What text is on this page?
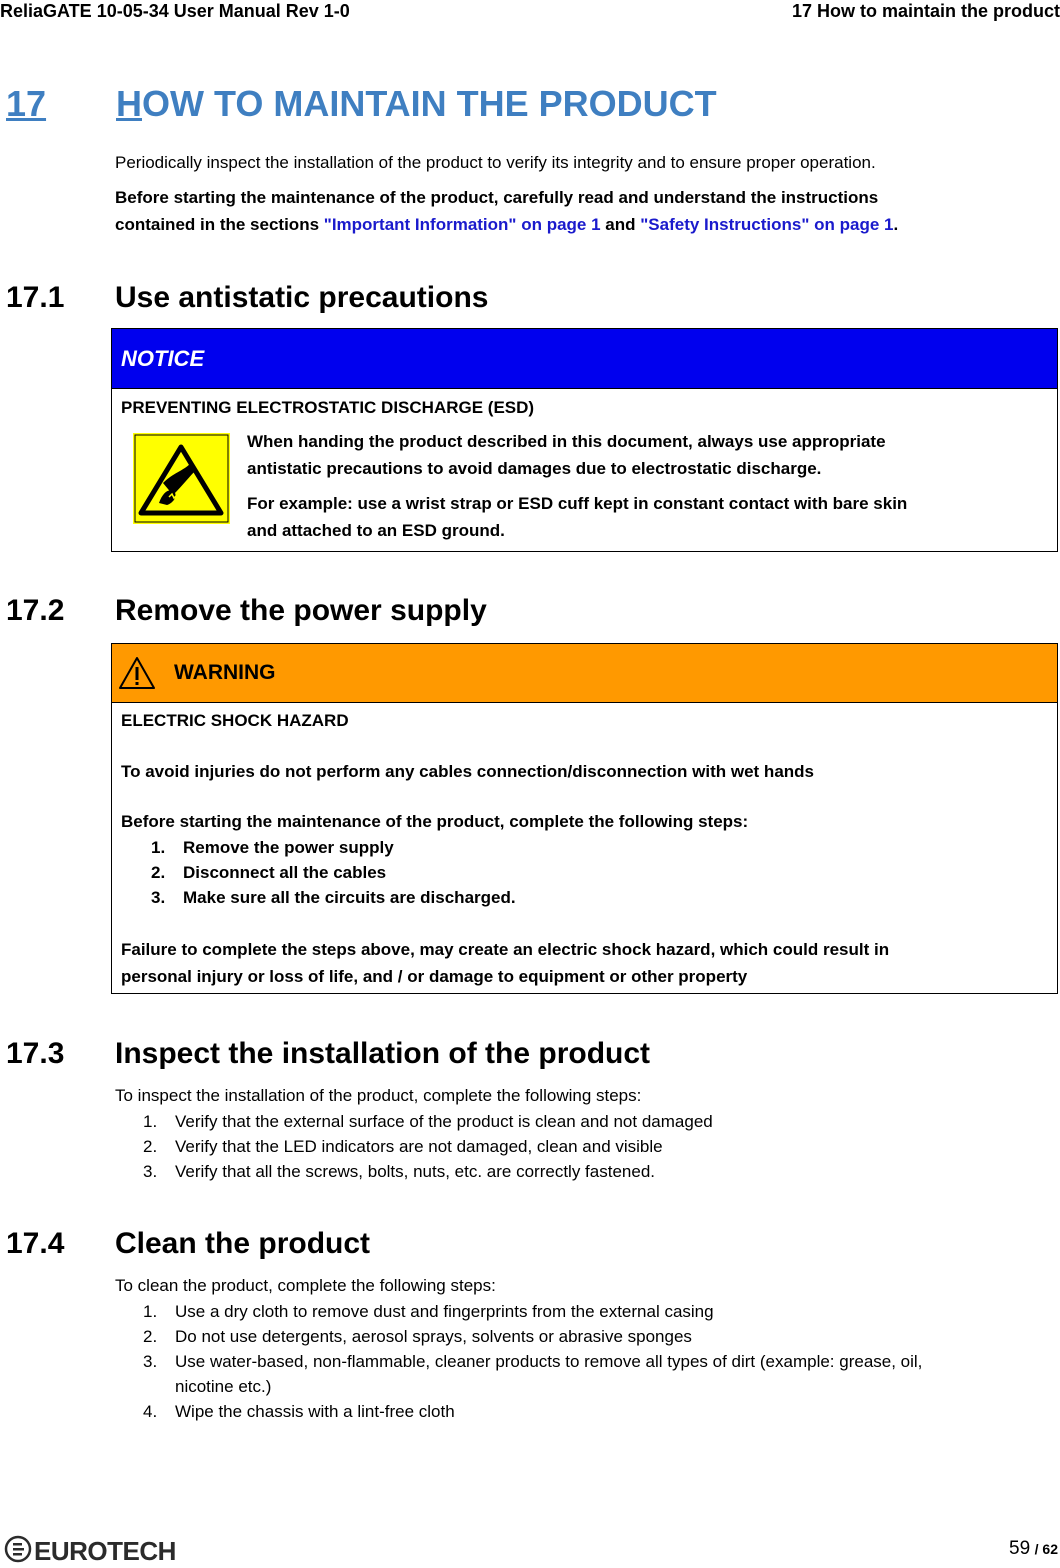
ReliaGATE 10-05-34 User Manual Rev 1-0	17 How to maintain the product
17 HOW TO MAINTAIN THE PRODUCT
Periodically inspect the installation of the product to verify its integrity and to ensure proper operation.
Before starting the maintenance of the product, carefully read and understand the instructions
contained in the sections "Important Information" on page 1 and "Safety Instructions" on page 1.
17.1 Use antistatic precautions
NOTICE
PREVENTING ELECTROSTATIC DISCHARGE (ESD)
When handing the product described in this document, always use appropriate
antistatic precautions to avoid damages due to electrostatic discharge.
For example: use a wrist strap or ESD cuff kept in constant contact with bare skin
and attached to an ESD ground.
17.2 Remove the power supply
WARNING
ELECTRIC SHOCK HAZARD
To avoid injuries do not perform any cables connection/disconnection with wet hands
Before starting the maintenance of the product, complete the following steps:
1. Remove the power supply
2. Disconnect all the cables
3. Make sure all the circuits are discharged.
Failure to complete the steps above, may create an electric shock hazard, which could result in
personal injury or loss of life, and / or damage to equipment or other property
17.3 Inspect the installation of the product
To inspect the installation of the product, complete the following steps:
1. Verify that the external surface of the product is clean and not damaged
2. Verify that the LED indicators are not damaged, clean and visible
3. Verify that all the screws, bolts, nuts, etc. are correctly fastened.
17.4 Clean the product
To clean the product, complete the following steps:
1. Use a dry cloth to remove dust and fingerprints from the external casing
2. Do not use detergents, aerosol sprays, solvents or abrasive sponges
3. Use water-based, non-flammable, cleaner products to remove all types of dirt (example: grease, oil,
nicotine etc.)
4. Wipe the chassis with a lint-free cloth
EUROTECH	59 / 62
